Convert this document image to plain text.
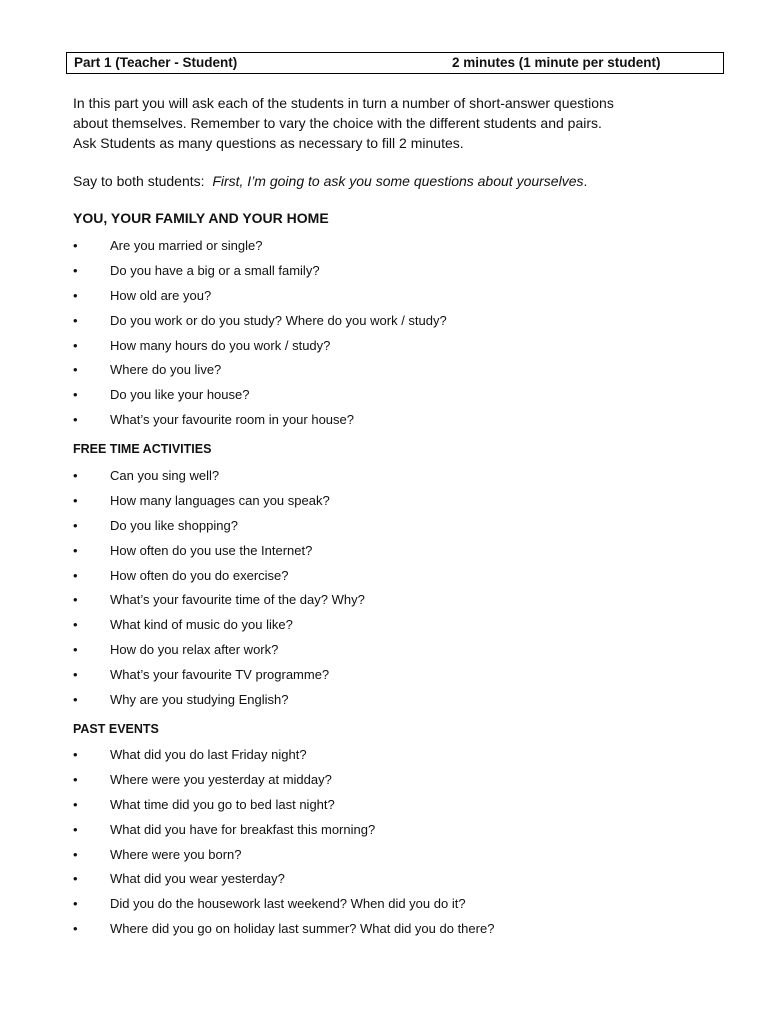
Part 1 (Teacher - Student)	2 minutes (1 minute per student)

In this part you will ask each of the students in turn a number of short-answer questions

about themselves. Remember to vary the choice with the different students and pairs.

Ask Students as many questions as necessary to fill 2 minutes.

Say to both students: First, I’m going to ask you some questions about yourselves.
YOU, YOUR FAMILY AND YOUR HOME
• Are you married or single?
• Do you have a big or a small family?
• How old are you?
• Do you work or do you study? Where do you work / study?
• How many hours do you work / study?
• Where do you live?
• Do you like your house?
• What’s your favourite room in your house?
FREE TIME ACTIVITIES
• Can you sing well?
• How many languages can you speak?
• Do you like shopping?
• How often do you use the Internet?
• How often do you do exercise?
• What’s your favourite time of the day? Why?
• What kind of music do you like?
• How do you relax after work?
• What’s your favourite TV programme?
• Why are you studying English?
PAST EVENTS
• What did you do last Friday night?
• Where were you yesterday at midday?
• What time did you go to bed last night?
• What did you have for breakfast this morning?
• Where were you born?
• What did you wear yesterday?
• Did you do the housework last weekend? When did you do it?
• Where did you go on holiday last summer? What did you do there?
